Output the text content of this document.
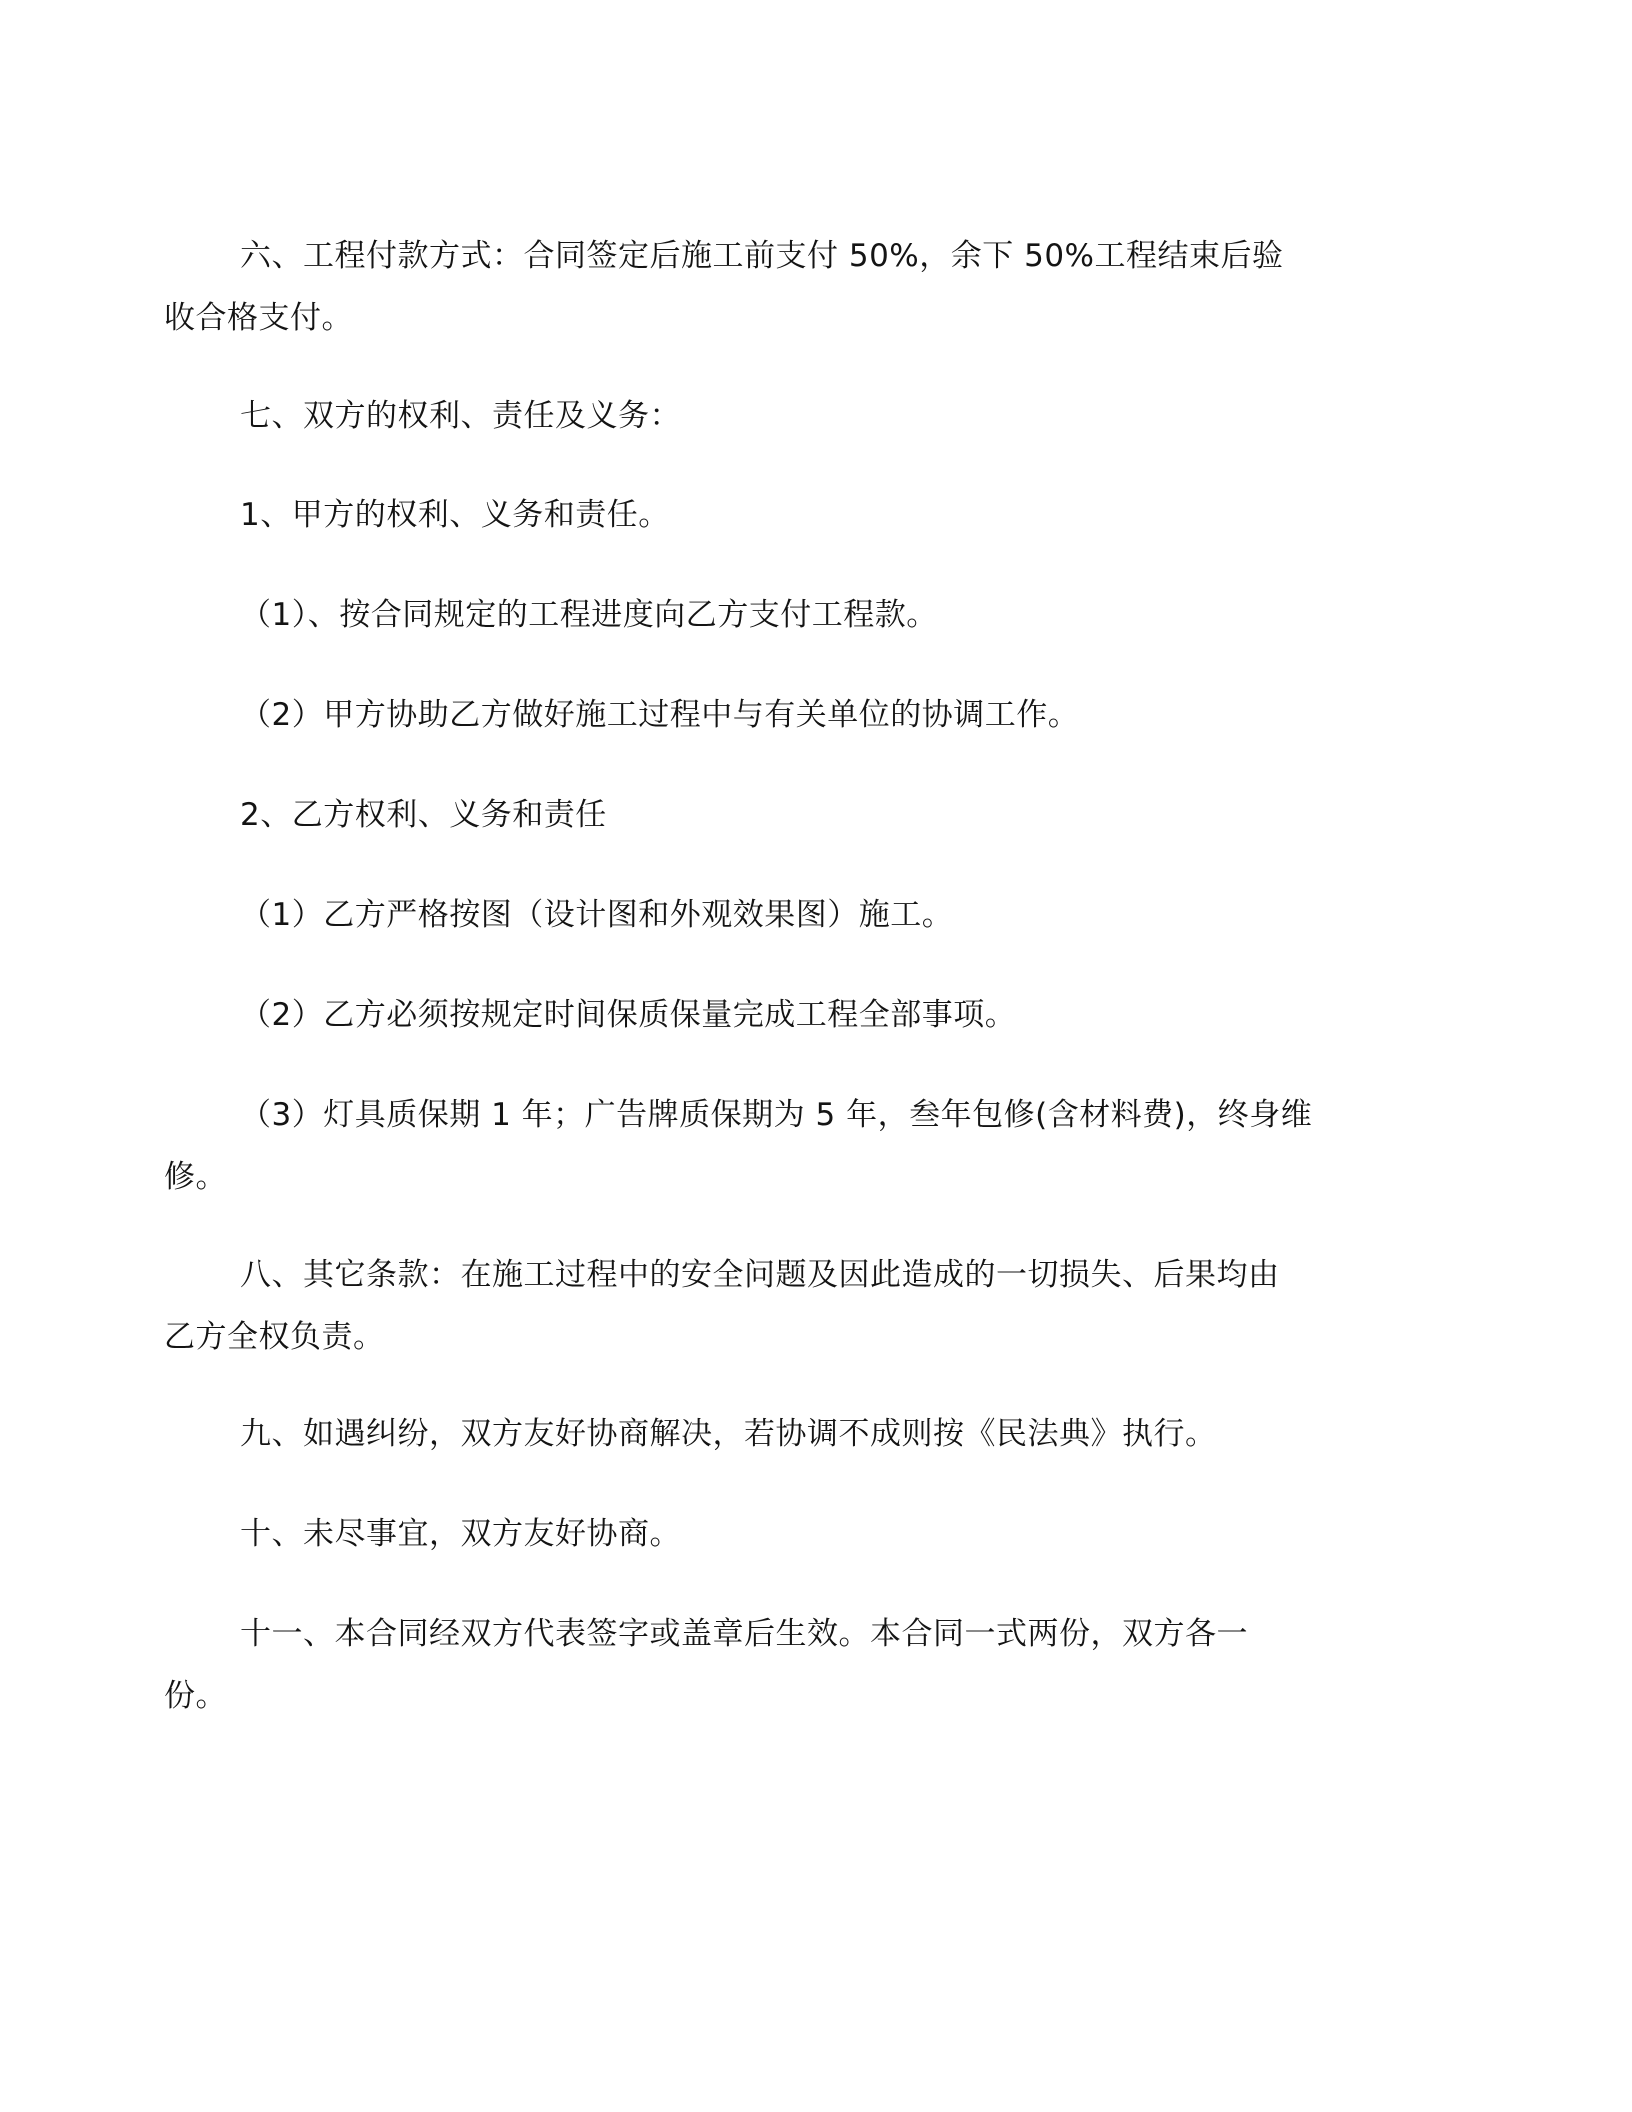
六、工程付款方式：合同签定后施工前支付 50%，余下 50%工程结束后验
收合格支付。

七、双方的权利、责任及义务：

1、甲方的权利、义务和责任。

（1）、按合同规定的工程进度向乙方支付工程款。

（2）甲方协助乙方做好施工过程中与有关单位的协调工作。

2、乙方权利、义务和责任

（1）乙方严格按图（设计图和外观效果图）施工。

（2）乙方必须按规定时间保质保量完成工程全部事项。

（3）灯具质保期 1 年；广告牌质保期为 5 年，叁年包修(含材料费)，终身维
修。

八、其它条款：在施工过程中的安全问题及因此造成的一切损失、后果均由
乙方全权负责。

九、如遇纠纷，双方友好协商解决，若协调不成则按《民法典》执行。

十、未尽事宜，双方友好协商。

十一、本合同经双方代表签字或盖章后生效。本合同一式两份，双方各一
份。
